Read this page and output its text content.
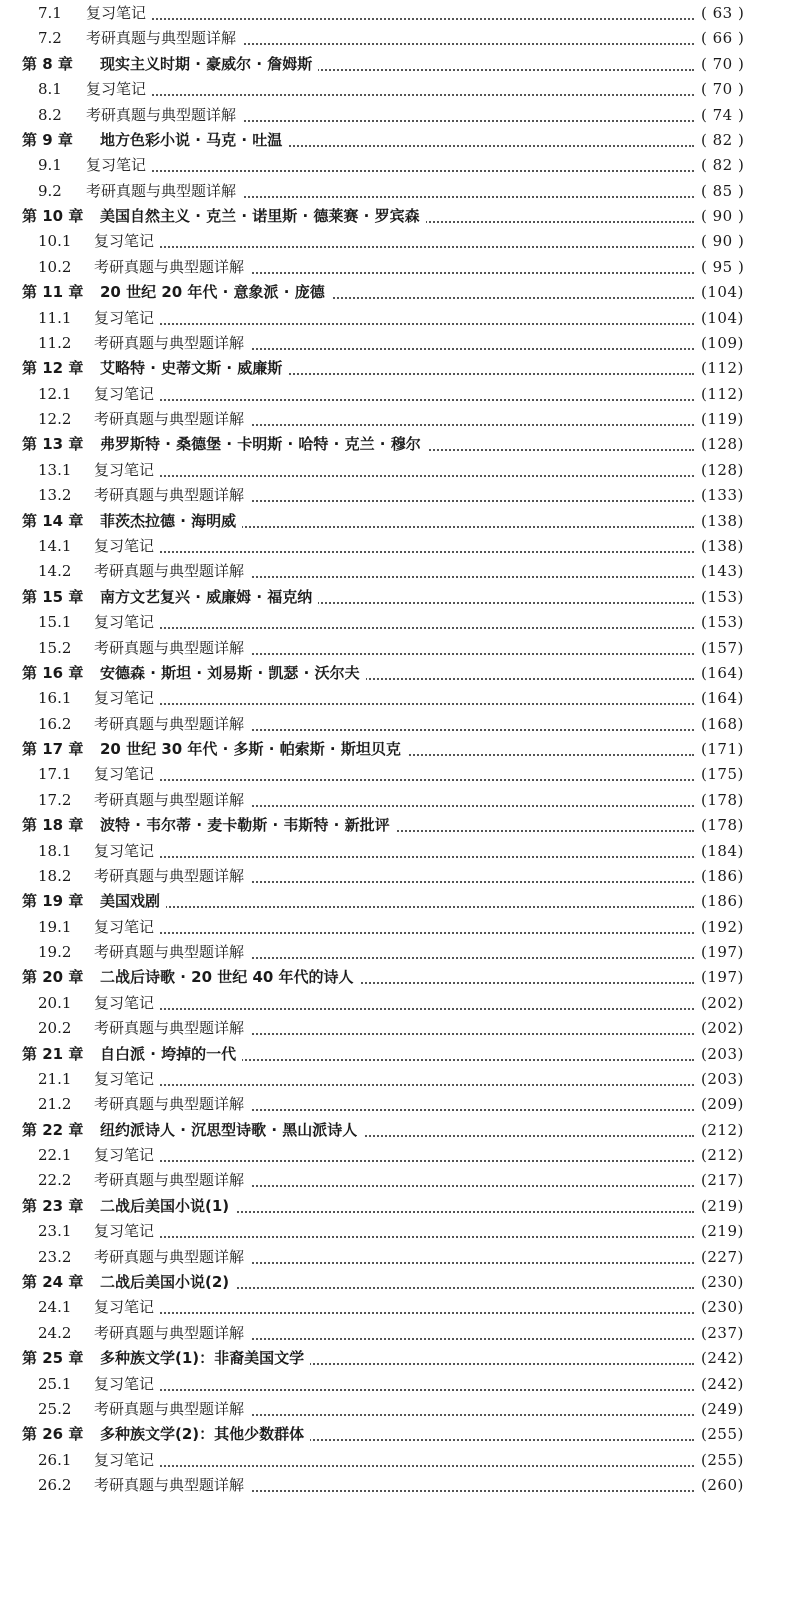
7.1 复习笔记	( 63 )
7.2 考研真题与典型题详解	( 66 )
第 8 章 现实主义时期 · 豪威尔 · 詹姆斯	( 70 )
8.1 复习笔记	( 70 )
8.2 考研真题与典型题详解	( 74 )
第 9 章 地方色彩小说 · 马克 · 吐温	( 82 )
9.1 复习笔记	( 82 )
9.2 考研真题与典型题详解	( 85 )
第 10 章 美国自然主义 · 克兰 · 诺里斯 · 德莱赛 · 罗宾森	( 90 )
10.1 复习笔记	( 90 )
10.2 考研真题与典型题详解	( 95 )
第 11 章 20 世纪 20 年代 · 意象派 · 庞德	(104)
11.1 复习笔记	(104)
11.2 考研真题与典型题详解	(109)
第 12 章 艾略特 · 史蒂文斯 · 威廉斯	(112)
12.1 复习笔记	(112)
12.2 考研真题与典型题详解	(119)
第 13 章 弗罗斯特 · 桑德堡 · 卡明斯 · 哈特 · 克兰 · 穆尔	(128)
13.1 复习笔记	(128)
13.2 考研真题与典型题详解	(133)
第 14 章 菲茨杰拉德 · 海明威	(138)
14.1 复习笔记	(138)
14.2 考研真题与典型题详解	(143)
第 15 章 南方文艺复兴 · 威廉姆 · 福克纳	(153)
15.1 复习笔记	(153)
15.2 考研真题与典型题详解	(157)
第 16 章 安德森 · 斯坦 · 刘易斯 · 凯瑟 · 沃尔夫	(164)
16.1 复习笔记	(164)
16.2 考研真题与典型题详解	(168)
第 17 章 20 世纪 30 年代 · 多斯 · 帕索斯 · 斯坦贝克	(171)
17.1 复习笔记	(175)
17.2 考研真题与典型题详解	(178)
第 18 章 波特 · 韦尔蒂 · 麦卡勒斯 · 韦斯特 · 新批评	(178)
18.1 复习笔记	(184)
18.2 考研真题与典型题详解	(186)
第 19 章 美国戏剧	(186)
19.1 复习笔记	(192)
19.2 考研真题与典型题详解	(197)
第 20 章 二战后诗歌 · 20 世纪 40 年代的诗人	(197)
20.1 复习笔记	(202)
20.2 考研真题与典型题详解	(202)
第 21 章 自白派 · 垮掉的一代	(203)
21.1 复习笔记	(203)
21.2 考研真题与典型题详解	(209)
第 22 章 纽约派诗人 · 沉思型诗歌 · 黑山派诗人	(212)
22.1 复习笔记	(212)
22.2 考研真题与典型题详解	(217)
第 23 章 二战后美国小说(1)	(219)
23.1 复习笔记	(219)
23.2 考研真题与典型题详解	(227)
第 24 章 二战后美国小说(2)	(230)
24.1 复习笔记	(230)
24.2 考研真题与典型题详解	(237)
第 25 章 多种族文学(1)：非裔美国文学	(242)
25.1 复习笔记	(242)
25.2 考研真题与典型题详解	(249)
第 26 章 多种族文学(2)：其他少数群体	(255)
26.1 复习笔记	(255)
26.2 考研真题与典型题详解	(260)
